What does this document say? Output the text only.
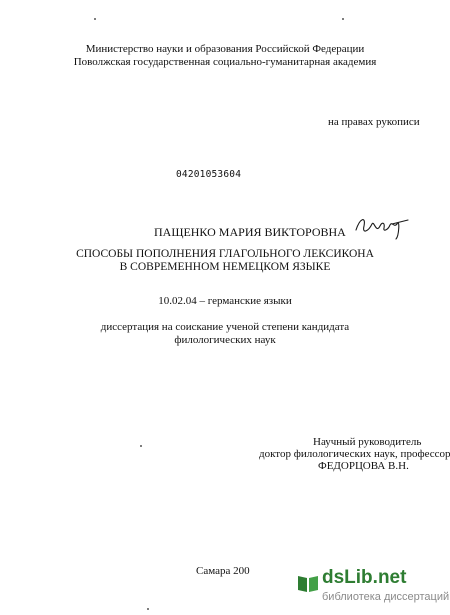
Министерство науки и образования Российской Федерации
Поволжская государственная социально-гуманитарная академия
на правах рукописи
04201053604
ПАЩЕНКО МАРИЯ ВИКТОРОВНА
СПОСОБЫ ПОПОЛНЕНИЯ ГЛАГОЛЬНОГО ЛЕКСИКОНА
В СОВРЕМЕННОМ НЕМЕЦКОМ ЯЗЫКЕ
10.02.04 – германские языки
диссертация на соискание ученой степени кандидата
филологических наук
Научный руководитель
доктор филологических наук, профессор
ФЕДОРЦОВА В.Н.
Самара 200	dsLib.net
библиотека диссертаций
